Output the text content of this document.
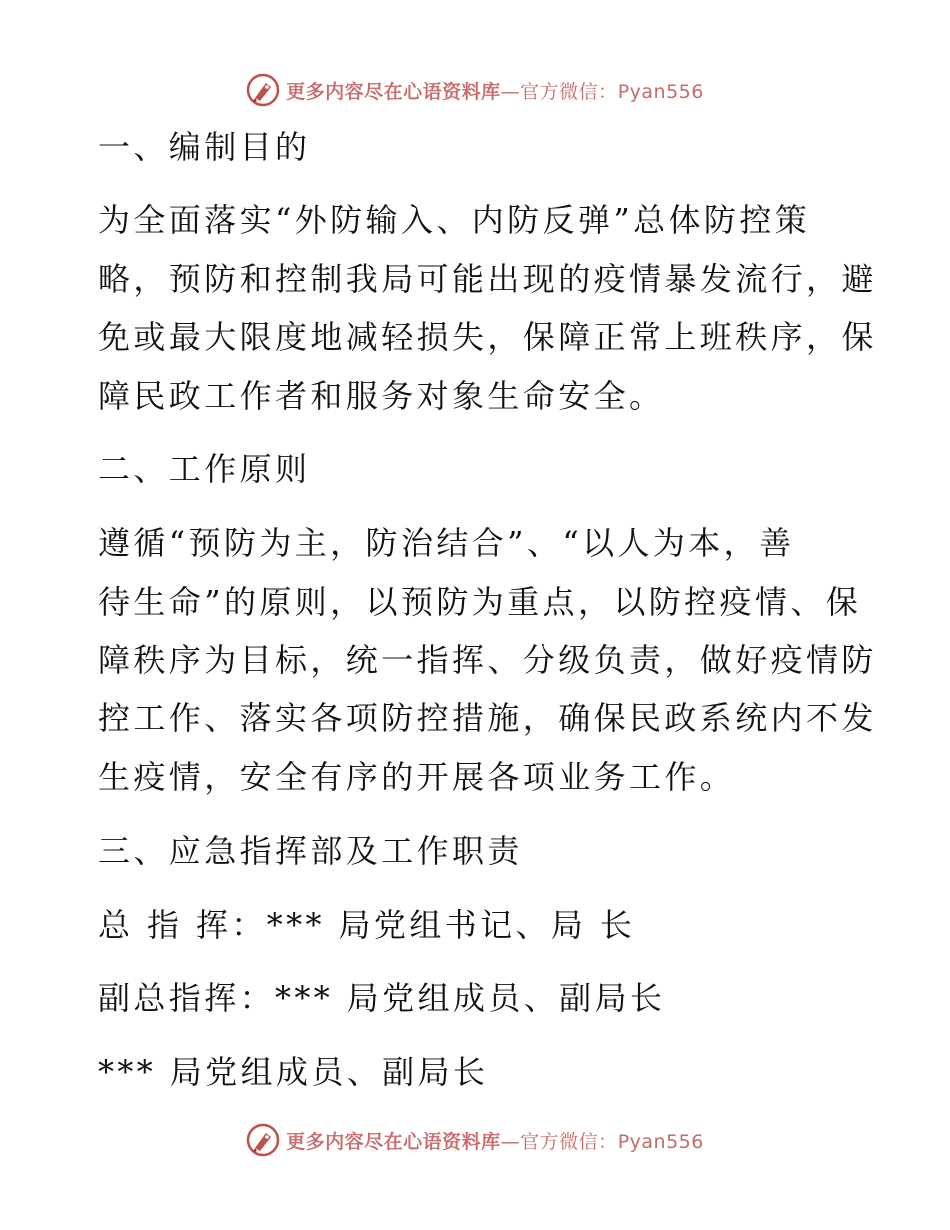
更多内容尽在心语资料库—官方微信：Pyan556
一、编制目的
为全面落实“外防输入、内防反弹”总体防控策
略，预防和控制我局可能出现的疫情暴发流行，避
免或最大限度地减轻损失，保障正常上班秩序，保
障民政工作者和服务对象生命安全。
二、工作原则
遵循“预防为主，防治结合”、“以人为本，善
待生命”的原则，以预防为重点，以防控疫情、保
障秩序为目标，统一指挥、分级负责，做好疫情防
控工作、落实各项防控措施，确保民政系统内不发
生疫情，安全有序的开展各项业务工作。
三、应急指挥部及工作职责
总 指 挥：*** 局党组书记、局 长
副总指挥：*** 局党组成员、副局长
*** 局党组成员、副局长
更多内容尽在心语资料库—官方微信：Pyan556
